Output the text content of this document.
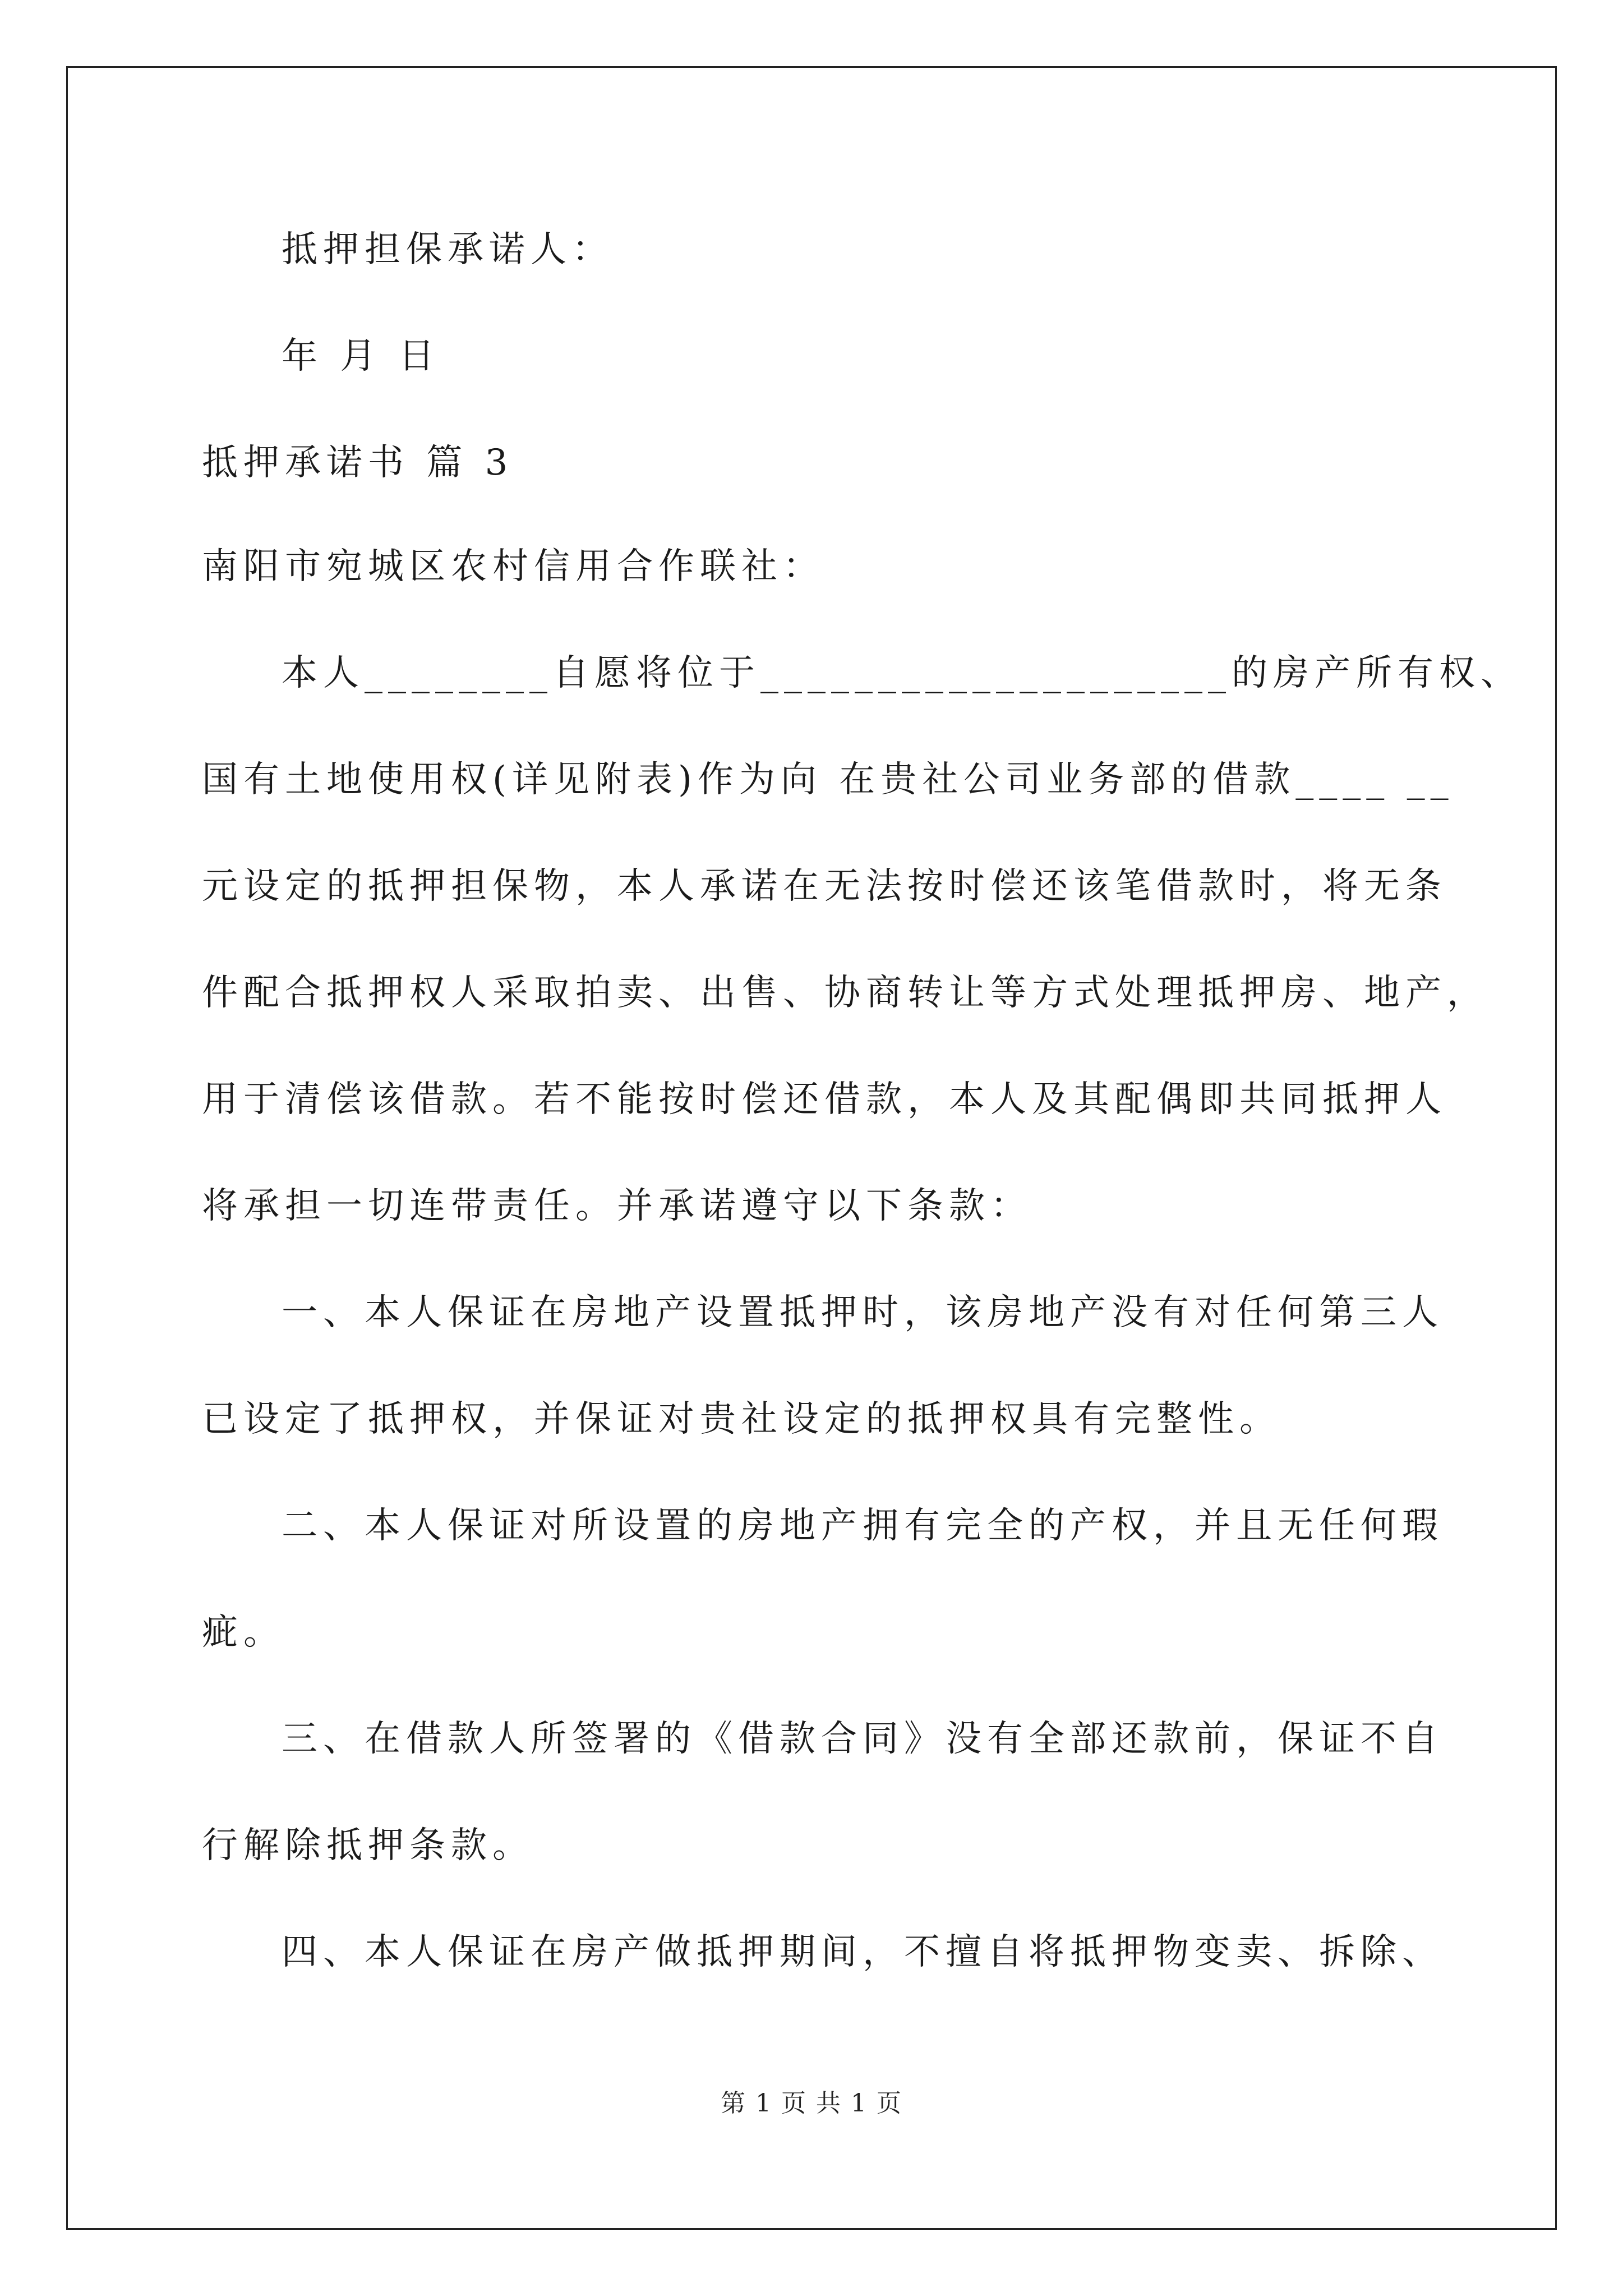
抵押担保承诺人：
年 月 日
抵押承诺书 篇 3
南阳市宛城区农村信用合作联社：
本人________自愿将位于____________________的房产所有权、
国有土地使用权(详见附表)作为向 在贵社公司业务部的借款____ __
元设定的抵押担保物，本人承诺在无法按时偿还该笔借款时，将无条
件配合抵押权人采取拍卖、出售、协商转让等方式处理抵押房、地产，
用于清偿该借款。若不能按时偿还借款，本人及其配偶即共同抵押人
将承担一切连带责任。并承诺遵守以下条款：
一、本人保证在房地产设置抵押时，该房地产没有对任何第三人
已设定了抵押权，并保证对贵社设定的抵押权具有完整性。
二、本人保证对所设置的房地产拥有完全的产权，并且无任何瑕
疵。
三、在借款人所签署的《借款合同》没有全部还款前，保证不自
行解除抵押条款。
四、本人保证在房产做抵押期间，不擅自将抵押物变卖、拆除、
第 1 页 共 1 页
